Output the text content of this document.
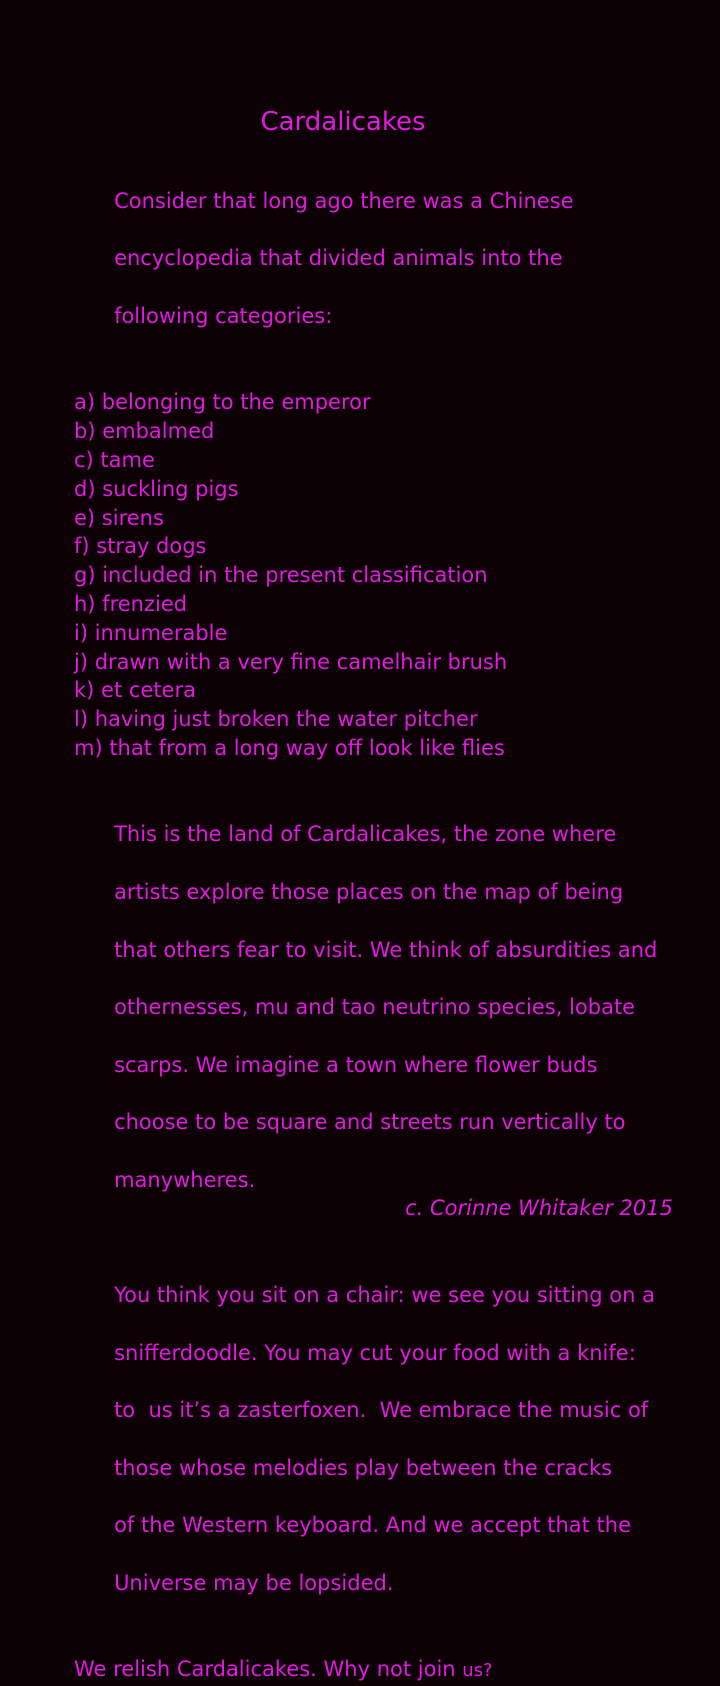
Cardalicakes

Consider that long ago there was a Chinese

encyclopedia that divided animals into the

following categories:

a) belonging to the emperor
b) embalmed
c) tame
d) suckling pigs
e) sirens
f) stray dogs
g) included in the present classification
h) frenzied
i) innumerable
j) drawn with a very fine camelhair brush
k) et cetera
l) having just broken the water pitcher
m) that from a long way off look like flies

This is the land of Cardalicakes, the zone where

artists explore those places on the map of being

that others fear to visit. We think of absurdities and

othernesses, mu and tao neutrino species, lobate

scarps. We imagine a town where flower buds

choose to be square and streets run vertically to

manywheres.

You think you sit on a chair: we see you sitting on a

snifferdoodle. You may cut your food with a knife:

to  us it’s a zasterfoxen.  We embrace the music of

those whose melodies play between the cracks

of the Western keyboard. And we accept that the

Universe may be lopsided.

We relish Cardalicakes. Why not join us?

c. Corinne Whitaker 2015
